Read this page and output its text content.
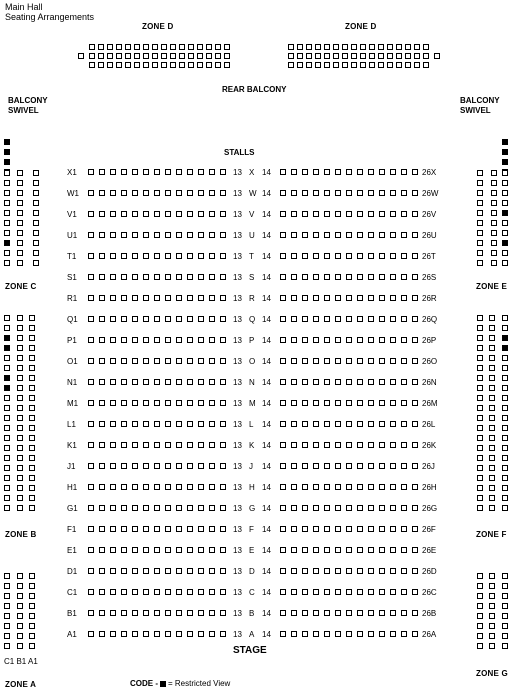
Main Hall
Seating Arrangements
ZONE D	ZONE D
REAR BALCONY
BALCONY
SWIVEL
BALCONY
SWIVEL
STALLS
ZONE C	ZONE E
ZONE B	ZONE F
ZONE A
ZONE G
C1 B1 A1
STAGE
CODE - = Restricted View
X1	13 X 14	26X
W1	13 W 14	26W
V1	13 V 14	26V
U1	13 U 14	26U
T1	13 T 14	26T
S1	13 S 14	26S
R1	13 R 14	26R
Q1	13 Q 14	26Q
P1	13 P 14	26P
O1	13 O 14	26O
N1	13 N 14	26N
M1	13 M 14	26M
L1	13 L 14	26L
K1	13 K 14	26K
J1	13 J 14	26J
H1	13 H 14	26H
G1	13 G 14	26G
F1	13 F 14	26F
E1	13 E 14	26E
D1	13 D 14	26D
C1	13 C 14	26C
B1	13 B 14	26B
A1	13 A 14	26A
